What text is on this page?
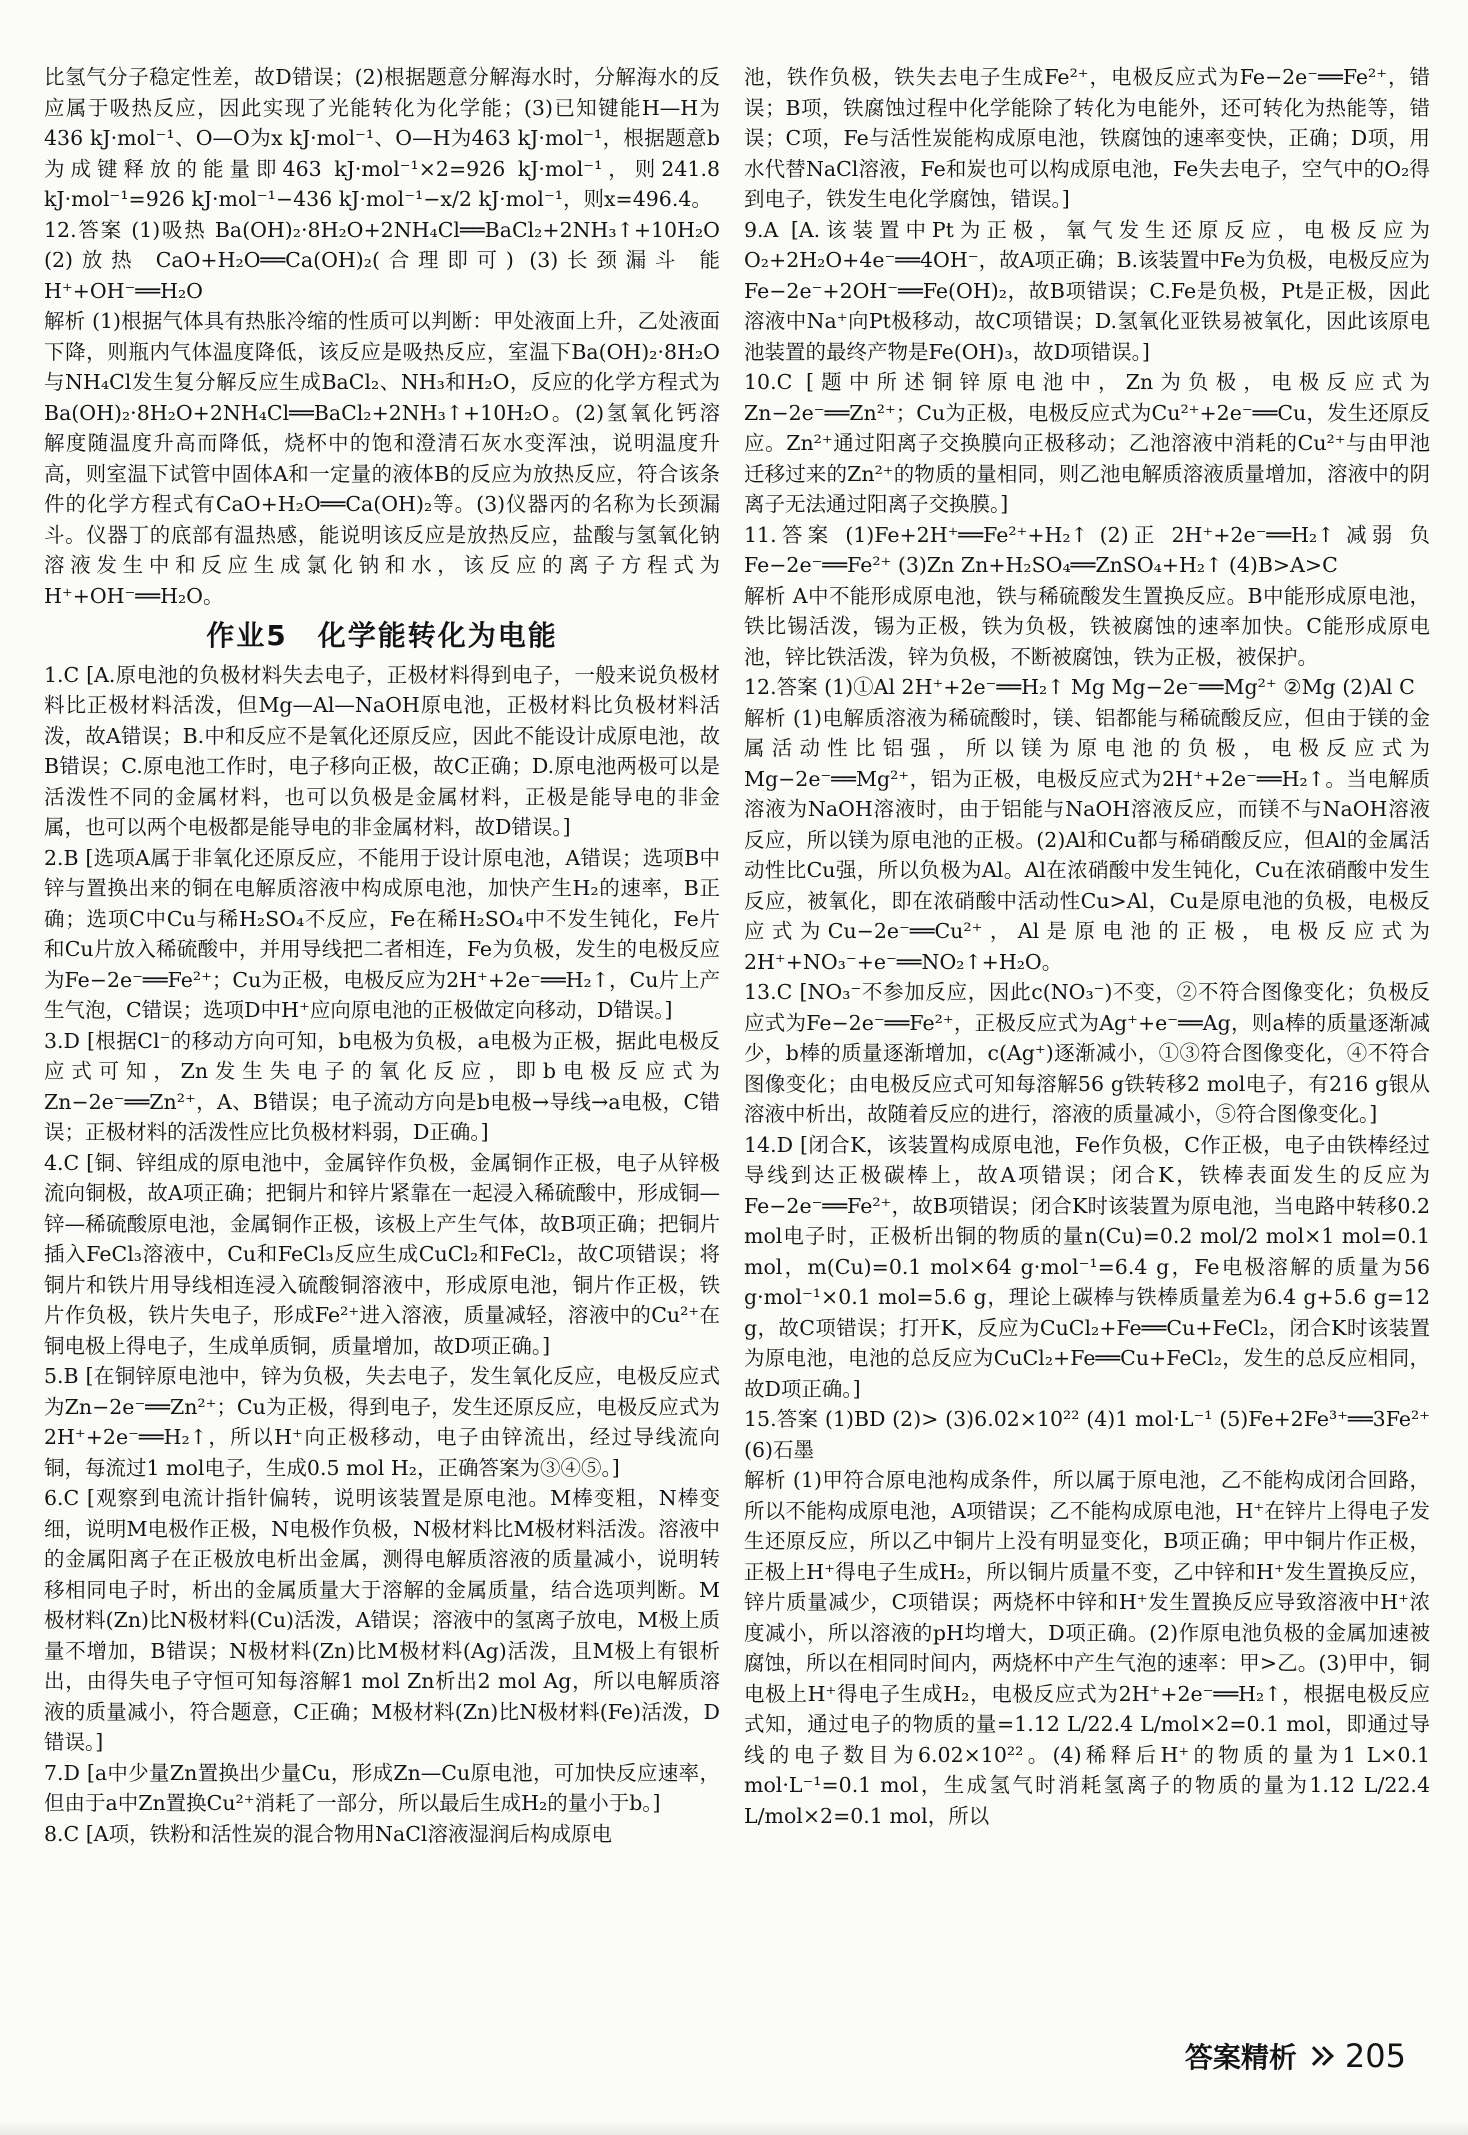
比氢气分子稳定性差，故D错误；(2)根据题意分解海水时，分解海水的反应属于吸热反应，因此实现了光能转化为化学能；(3)已知键能H—H为436 kJ·mol⁻¹、O—O为x kJ·mol⁻¹、O—H为463 kJ·mol⁻¹，根据题意b为成键释放的能量即463 kJ·mol⁻¹×2=926 kJ·mol⁻¹，则241.8 kJ·mol⁻¹=926 kJ·mol⁻¹−436 kJ·mol⁻¹−x/2 kJ·mol⁻¹，则x=496.4。

12.答案 (1)吸热 Ba(OH)₂·8H₂O+2NH₄Cl══BaCl₂+2NH₃↑+10H₂O (2)放热 CaO+H₂O══Ca(OH)₂(合理即可) (3)长颈漏斗 能 H⁺+OH⁻══H₂O

解析 (1)根据气体具有热胀冷缩的性质可以判断：甲处液面上升，乙处液面下降，则瓶内气体温度降低，该反应是吸热反应，室温下Ba(OH)₂·8H₂O与NH₄Cl发生复分解反应生成BaCl₂、NH₃和H₂O，反应的化学方程式为Ba(OH)₂·8H₂O+2NH₄Cl══BaCl₂+2NH₃↑+10H₂O。(2)氢氧化钙溶解度随温度升高而降低，烧杯中的饱和澄清石灰水变浑浊，说明温度升高，则室温下试管中固体A和一定量的液体B的反应为放热反应，符合该条件的化学方程式有CaO+H₂O══Ca(OH)₂等。(3)仪器丙的名称为长颈漏斗。仪器丁的底部有温热感，能说明该反应是放热反应，盐酸与氢氧化钠溶液发生中和反应生成氯化钠和水，该反应的离子方程式为H⁺+OH⁻══H₂O。

作业5　化学能转化为电能

1.C [A.原电池的负极材料失去电子，正极材料得到电子，一般来说负极材料比正极材料活泼，但Mg—Al—NaOH原电池，正极材料比负极材料活泼，故A错误；B.中和反应不是氧化还原反应，因此不能设计成原电池，故B错误；C.原电池工作时，电子移向正极，故C正确；D.原电池两极可以是活泼性不同的金属材料，也可以负极是金属材料，正极是能导电的非金属，也可以两个电极都是能导电的非金属材料，故D错误。]

2.B [选项A属于非氧化还原反应，不能用于设计原电池，A错误；选项B中锌与置换出来的铜在电解质溶液中构成原电池，加快产生H₂的速率，B正确；选项C中Cu与稀H₂SO₄不反应，Fe在稀H₂SO₄中不发生钝化，Fe片和Cu片放入稀硫酸中，并用导线把二者相连，Fe为负极，发生的电极反应为Fe−2e⁻══Fe²⁺；Cu为正极，电极反应为2H⁺+2e⁻══H₂↑，Cu片上产生气泡，C错误；选项D中H⁺应向原电池的正极做定向移动，D错误。]

3.D [根据Cl⁻的移动方向可知，b电极为负极，a电极为正极，据此电极反应式可知，Zn发生失电子的氧化反应，即b电极反应式为Zn−2e⁻══Zn²⁺，A、B错误；电子流动方向是b电极→导线→a电极，C错误；正极材料的活泼性应比负极材料弱，D正确。]

4.C [铜、锌组成的原电池中，金属锌作负极，金属铜作正极，电子从锌极流向铜极，故A项正确；把铜片和锌片紧靠在一起浸入稀硫酸中，形成铜—锌—稀硫酸原电池，金属铜作正极，该极上产生气体，故B项正确；把铜片插入FeCl₃溶液中，Cu和FeCl₃反应生成CuCl₂和FeCl₂，故C项错误；将铜片和铁片用导线相连浸入硫酸铜溶液中，形成原电池，铜片作正极，铁片作负极，铁片失电子，形成Fe²⁺进入溶液，质量减轻，溶液中的Cu²⁺在铜电极上得电子，生成单质铜，质量增加，故D项正确。]

5.B [在铜锌原电池中，锌为负极，失去电子，发生氧化反应，电极反应式为Zn−2e⁻══Zn²⁺；Cu为正极，得到电子，发生还原反应，电极反应式为2H⁺+2e⁻══H₂↑，所以H⁺向正极移动，电子由锌流出，经过导线流向铜，每流过1 mol电子，生成0.5 mol H₂，正确答案为③④⑤。]

6.C [观察到电流计指针偏转，说明该装置是原电池。M棒变粗，N棒变细，说明M电极作正极，N电极作负极，N极材料比M极材料活泼。溶液中的金属阳离子在正极放电析出金属，测得电解质溶液的质量减小，说明转移相同电子时，析出的金属质量大于溶解的金属质量，结合选项判断。M极材料(Zn)比N极材料(Cu)活泼，A错误；溶液中的氢离子放电，M极上质量不增加，B错误；N极材料(Zn)比M极材料(Ag)活泼，且M极上有银析出，由得失电子守恒可知每溶解1 mol Zn析出2 mol Ag，所以电解质溶液的质量减小，符合题意，C正确；M极材料(Zn)比N极材料(Fe)活泼，D错误。]

7.D [a中少量Zn置换出少量Cu，形成Zn—Cu原电池，可加快反应速率，但由于a中Zn置换Cu²⁺消耗了一部分，所以最后生成H₂的量小于b。]

8.C [A项，铁粉和活性炭的混合物用NaCl溶液湿润后构成原电

池，铁作负极，铁失去电子生成Fe²⁺，电极反应式为Fe−2e⁻══Fe²⁺，错误；B项，铁腐蚀过程中化学能除了转化为电能外，还可转化为热能等，错误；C项，Fe与活性炭能构成原电池，铁腐蚀的速率变快，正确；D项，用水代替NaCl溶液，Fe和炭也可以构成原电池，Fe失去电子，空气中的O₂得到电子，铁发生电化学腐蚀，错误。]

9.A [A.该装置中Pt为正极，氧气发生还原反应，电极反应为O₂+2H₂O+4e⁻══4OH⁻，故A项正确；B.该装置中Fe为负极，电极反应为Fe−2e⁻+2OH⁻══Fe(OH)₂，故B项错误；C.Fe是负极，Pt是正极，因此溶液中Na⁺向Pt极移动，故C项错误；D.氢氧化亚铁易被氧化，因此该原电池装置的最终产物是Fe(OH)₃，故D项错误。]

10.C [题中所述铜锌原电池中，Zn为负极，电极反应式为Zn−2e⁻══Zn²⁺；Cu为正极，电极反应式为Cu²⁺+2e⁻══Cu，发生还原反应。Zn²⁺通过阳离子交换膜向正极移动；乙池溶液中消耗的Cu²⁺与由甲池迁移过来的Zn²⁺的物质的量相同，则乙池电解质溶液质量增加，溶液中的阴离子无法通过阳离子交换膜。]

11.答案 (1)Fe+2H⁺══Fe²⁺+H₂↑ (2)正 2H⁺+2e⁻══H₂↑ 减弱 负 Fe−2e⁻══Fe²⁺ (3)Zn Zn+H₂SO₄══ZnSO₄+H₂↑ (4)B>A>C

解析 A中不能形成原电池，铁与稀硫酸发生置换反应。B中能形成原电池，铁比锡活泼，锡为正极，铁为负极，铁被腐蚀的速率加快。C能形成原电池，锌比铁活泼，锌为负极，不断被腐蚀，铁为正极，被保护。

12.答案 (1)①Al 2H⁺+2e⁻══H₂↑ Mg Mg−2e⁻══Mg²⁺ ②Mg (2)Al C

解析 (1)电解质溶液为稀硫酸时，镁、铝都能与稀硫酸反应，但由于镁的金属活动性比铝强，所以镁为原电池的负极，电极反应式为Mg−2e⁻══Mg²⁺，铝为正极，电极反应式为2H⁺+2e⁻══H₂↑。当电解质溶液为NaOH溶液时，由于铝能与NaOH溶液反应，而镁不与NaOH溶液反应，所以镁为原电池的正极。(2)Al和Cu都与稀硝酸反应，但Al的金属活动性比Cu强，所以负极为Al。Al在浓硝酸中发生钝化，Cu在浓硝酸中发生反应，被氧化，即在浓硝酸中活动性Cu>Al，Cu是原电池的负极，电极反应式为Cu−2e⁻══Cu²⁺，Al是原电池的正极，电极反应式为2H⁺+NO₃⁻+e⁻══NO₂↑+H₂O。

13.C [NO₃⁻不参加反应，因此c(NO₃⁻)不变，②不符合图像变化；负极反应式为Fe−2e⁻══Fe²⁺，正极反应式为Ag⁺+e⁻══Ag，则a棒的质量逐渐减少，b棒的质量逐渐增加，c(Ag⁺)逐渐减小，①③符合图像变化，④不符合图像变化；由电极反应式可知每溶解56 g铁转移2 mol电子，有216 g银从溶液中析出，故随着反应的进行，溶液的质量减小，⑤符合图像变化。]

14.D [闭合K，该装置构成原电池，Fe作负极，C作正极，电子由铁棒经过导线到达正极碳棒上，故A项错误；闭合K，铁棒表面发生的反应为Fe−2e⁻══Fe²⁺，故B项错误；闭合K时该装置为原电池，当电路中转移0.2 mol电子时，正极析出铜的物质的量n(Cu)=0.2 mol/2 mol×1 mol=0.1 mol，m(Cu)=0.1 mol×64 g·mol⁻¹=6.4 g，Fe电极溶解的质量为56 g·mol⁻¹×0.1 mol=5.6 g，理论上碳棒与铁棒质量差为6.4 g+5.6 g=12 g，故C项错误；打开K，反应为CuCl₂+Fe══Cu+FeCl₂，闭合K时该装置为原电池，电池的总反应为CuCl₂+Fe══Cu+FeCl₂，发生的总反应相同，故D项正确。]

15.答案 (1)BD (2)> (3)6.02×10²² (4)1 mol·L⁻¹ (5)Fe+2Fe³⁺══3Fe²⁺ (6)石墨

解析 (1)甲符合原电池构成条件，所以属于原电池，乙不能构成闭合回路，所以不能构成原电池，A项错误；乙不能构成原电池，H⁺在锌片上得电子发生还原反应，所以乙中铜片上没有明显变化，B项正确；甲中铜片作正极，正极上H⁺得电子生成H₂，所以铜片质量不变，乙中锌和H⁺发生置换反应，锌片质量减少，C项错误；两烧杯中锌和H⁺发生置换反应导致溶液中H⁺浓度减小，所以溶液的pH均增大，D项正确。(2)作原电池负极的金属加速被腐蚀，所以在相同时间内，两烧杯中产生气泡的速率：甲>乙。(3)甲中，铜电极上H⁺得电子生成H₂，电极反应式为2H⁺+2e⁻══H₂↑，根据电极反应式知，通过电子的物质的量=1.12 L/22.4 L/mol×2=0.1 mol，即通过导线的电子数目为6.02×10²²。(4)稀释后H⁺的物质的量为1 L×0.1 mol·L⁻¹=0.1 mol，生成氢气时消耗氢离子的物质的量为1.12 L/22.4 L/mol×2=0.1 mol，所以

答案精析 205
